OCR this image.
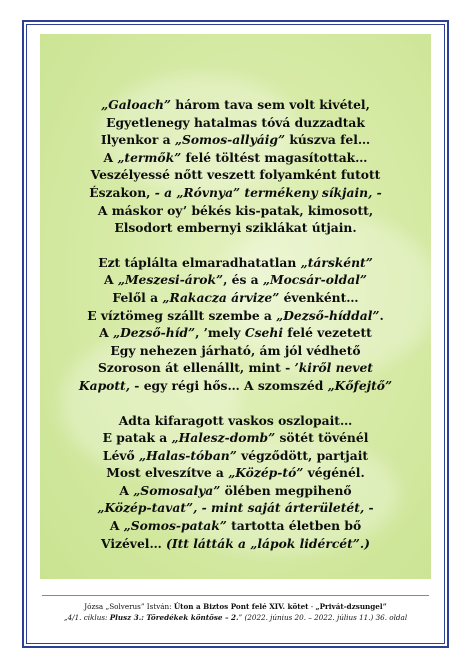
„Galoach” három tava sem volt kivétel,
Egyetlenegy hatalmas tóvá duzzadtak
Ilyenkor a „Somos-allyáig” kúszva fel…
A „termők” felé töltést magasítottak…
Veszélyessé nőtt veszett folyamként futott
Északon, - a „Róvnya” termékeny síkjain, -
A máskor oy’ békés kis-patak, kimosott,
Elsodort embernyi sziklákat útjain.
Ezt táplálta elmaradhatatlan „társként”
A „Meszesi-árok”, és a „Mocsár-oldal”
Felől a „Rakacza árvize” évenként…
E víztömeg szállt szembe a „Dezső-híddal”.
A „Dezső-híd”, ’mely Csehi felé vezetett
Egy nehezen járható, ám jól védhető
Szoroson át ellenállt, mint - ’kiről nevet
Kapott, - egy régi hős… A szomszéd „Kőfejtő”
Adta kifaragott vaskos oszlopait…
E patak a „Halesz-domb” sötét tövénél
Lévő „Halas-tóban” végződött, partjait
Most elveszítve a „Közép-tó” végénél.
A „Somosalya” ölében megpihenő
„Közép-tavat”, - mint saját árterületét, -
A „Somos-patak” tartotta életben bő
Vizével… (Itt látták a „lápok lidércét”.)
Józsa „Solverus” István: Úton a Biztos Pont felé XIV. kötet - „Privát-dzsungel”
„4/1. ciklus: Plusz 3.: Töredékek köntöse – 2.” (2022. június 20. – 2022. július 11.) 36. oldal
